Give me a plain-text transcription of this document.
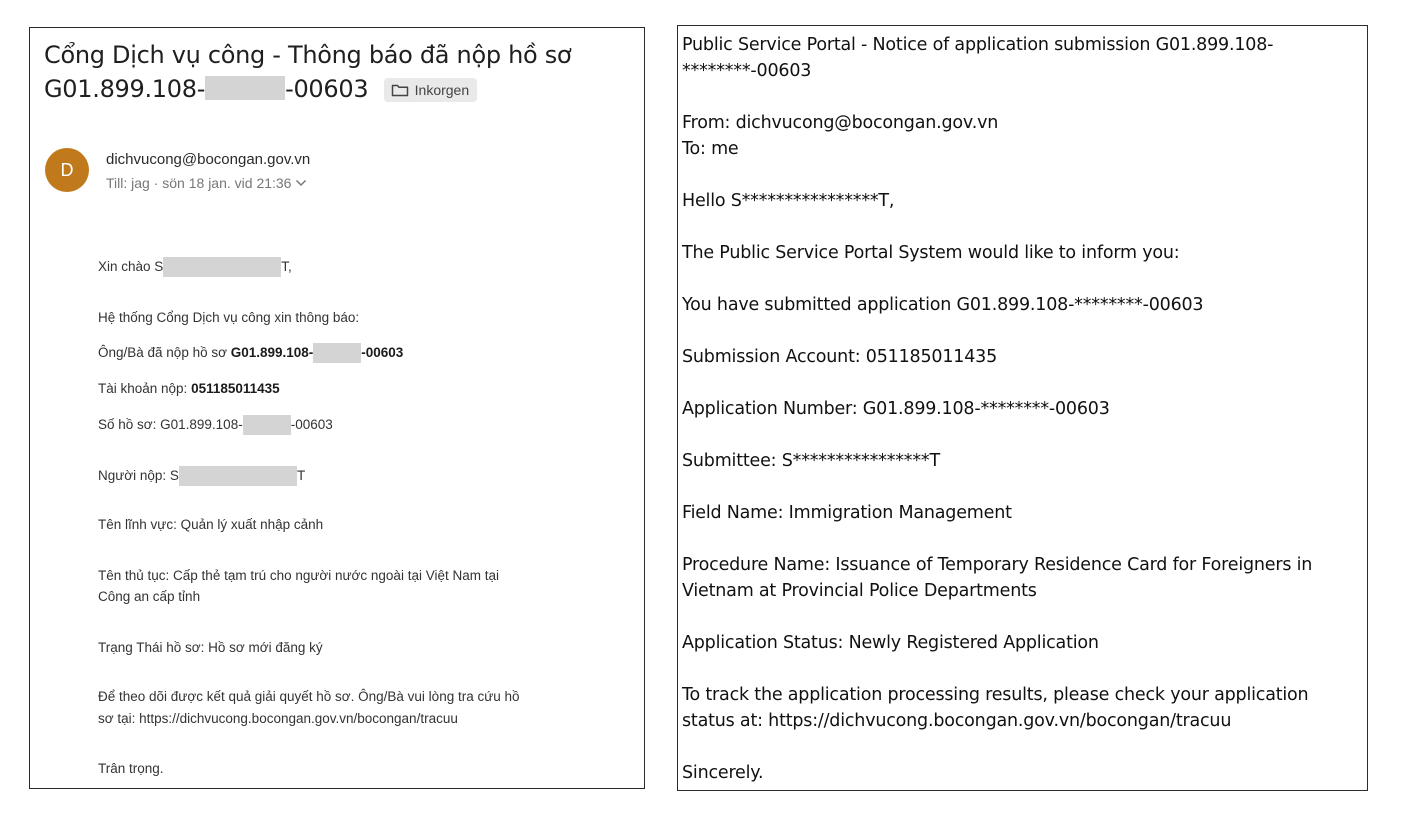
Cổng Dịch vụ công - Thông báo đã nộp hồ sơ
G01.899.108-	-00603	Inkorgen
D	dichvucong@bocongan.gov.vn
Till: jag · sön 18 jan. vid 21:36
Xin chào S	T,
Hệ thống Cổng Dịch vụ công xin thông báo:
Ông/Bà đã nộp hồ sơ G01.899.108-	-00603
Tài khoản nộp: 051185011435
Số hồ sơ: G01.899.108-	-00603
Người nộp: S	T
Tên lĩnh vực: Quản lý xuất nhập cảnh
Tên thủ tục: Cấp thẻ tạm trú cho người nước ngoài tại Việt Nam tại
Công an cấp tỉnh
Trạng Thái hồ sơ: Hồ sơ mới đăng ký
Để theo dõi được kết quả giải quyết hồ sơ. Ông/Bà vui lòng tra cứu hồ
sơ tại: https://dichvucong.bocongan.gov.vn/bocongan/tracuu
Trân trọng.
Public Service Portal - Notice of application submission G01.899.108-
********-00603
From: dichvucong@bocongan.gov.vn
To: me
Hello S****************T,
The Public Service Portal System would like to inform you:
You have submitted application G01.899.108-********-00603
Submission Account: 051185011435
Application Number: G01.899.108-********-00603
Submittee: S****************T
Field Name: Immigration Management
Procedure Name: Issuance of Temporary Residence Card for Foreigners in
Vietnam at Provincial Police Departments
Application Status: Newly Registered Application
To track the application processing results, please check your application
status at: https://dichvucong.bocongan.gov.vn/bocongan/tracuu
Sincerely.
